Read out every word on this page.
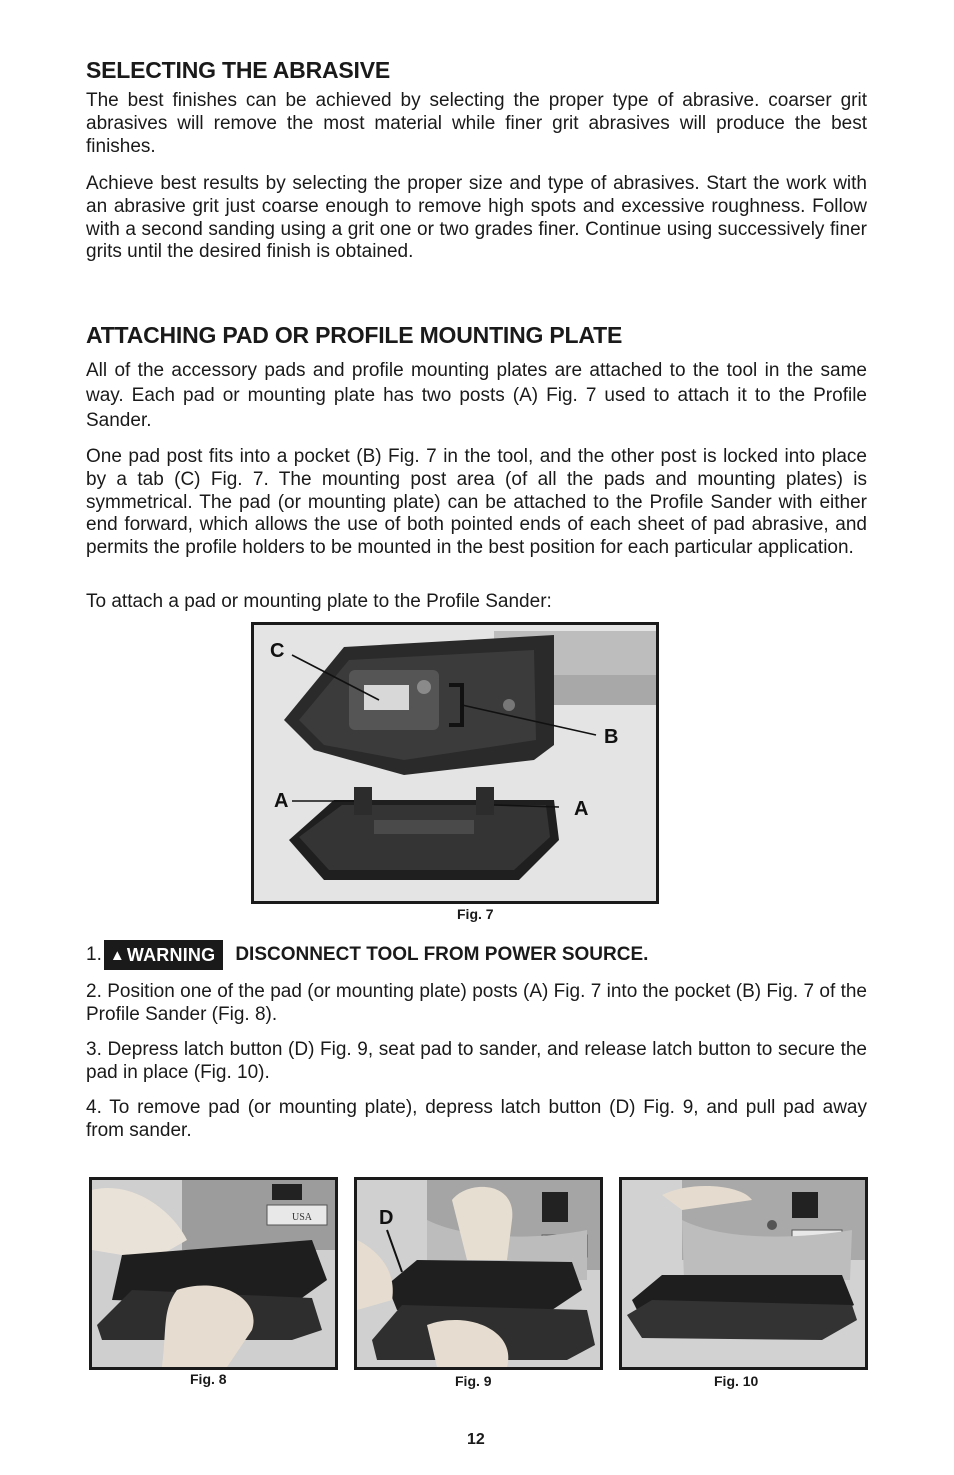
SELECTING THE ABRASIVE

The best finishes can be achieved by selecting the proper type of abrasive. coarser grit abrasives will remove the most material while finer grit abrasives will produce the best finishes.

Achieve best results by selecting the proper size and type of abrasives. Start the work with an abrasive grit just coarse enough to remove high spots and excessive roughness. Follow with a second sanding using a grit one or two grades finer. Continue using successively finer grits until the desired finish is obtained.

ATTACHING PAD OR PROFILE MOUNTING PLATE

All of the accessory pads and profile mounting plates are attached to the tool in the same way. Each pad or mounting plate has two posts (A) Fig. 7 used to attach it to the Profile Sander.

One pad post fits into a pocket (B) Fig. 7 in the tool, and the other post is locked into place by a tab (C) Fig. 7. The mounting post area (of all the pads and mounting plates) is symmetrical. The pad (or mounting plate) can be attached to the Profile Sander with either end forward, which allows the use of both pointed ends of each sheet of pad abrasive, and permits the profile holders to be mounted in the best position for each particular application.

To attach a pad or mounting plate to the Profile Sander:

1. ▲ WARNING DISCONNECT TOOL FROM POWER SOURCE.

2. Position one of the pad (or mounting plate) posts (A) Fig. 7 into the pocket (B) Fig. 7 of the Profile Sander (Fig. 8).

3. Depress latch button (D) Fig. 9, seat pad to sander, and release latch button to secure the pad in place (Fig. 10).

4. To remove pad (or mounting plate), depress latch button (D) Fig. 9, and pull pad away from sander.

C
B
A	A
Fig. 7
USA
Fig. 8
D
Fig. 9	Fig. 10
12
